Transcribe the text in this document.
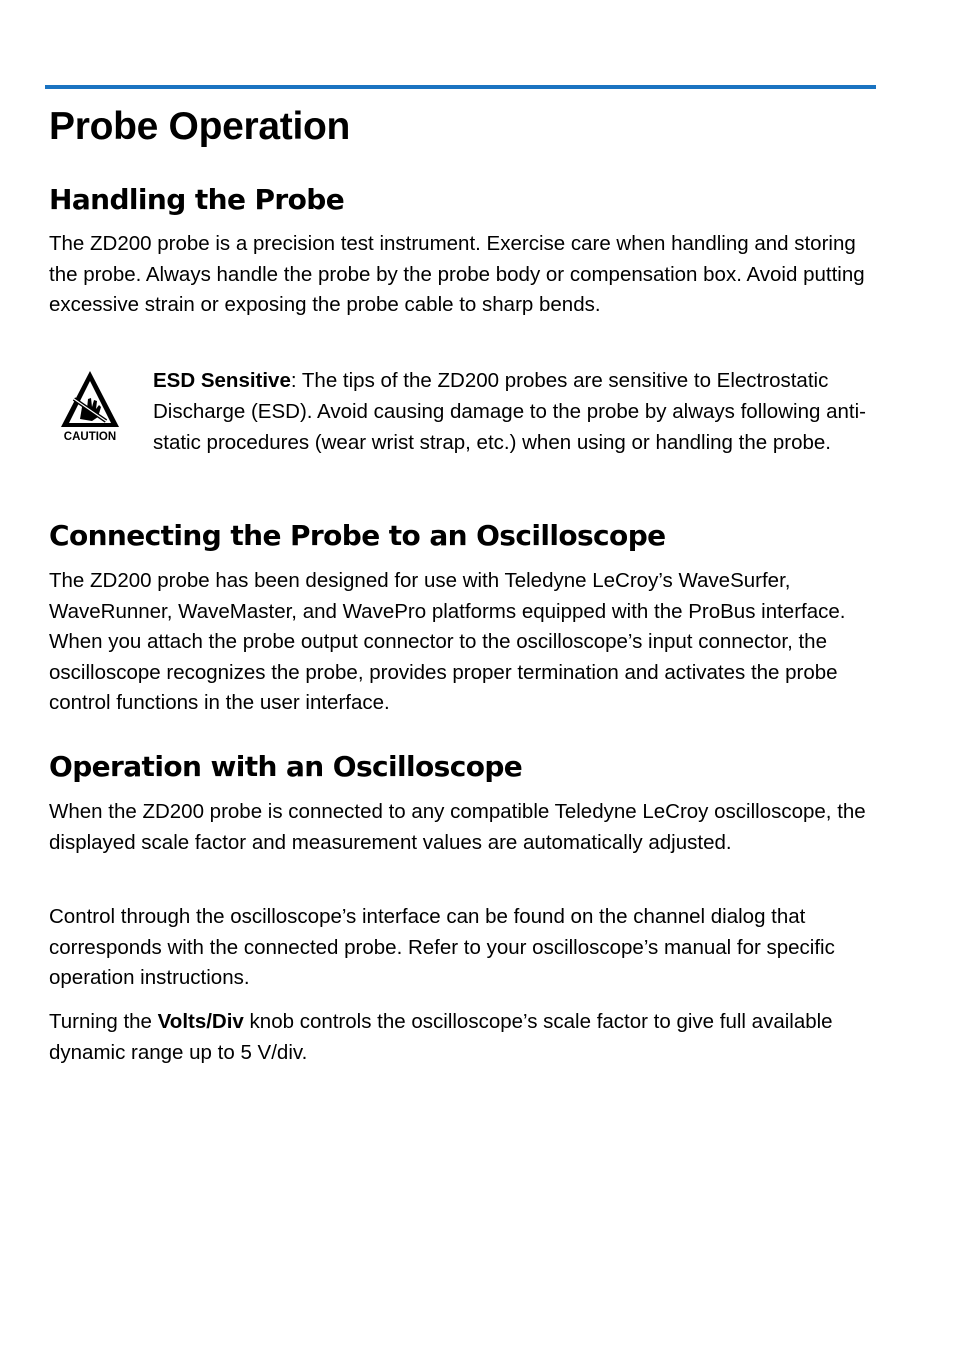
Probe Operation
Handling the Probe

The ZD200 probe is a precision test instrument. Exercise care when handling and storing the probe. Always handle the probe by the probe body or compensation box. Avoid putting excessive strain or exposing the probe cable to sharp bends.

CAUTION

ESD Sensitive: The tips of the ZD200 probes are sensitive to Electrostatic Discharge (ESD). Avoid causing damage to the probe by always following anti-static procedures (wear wrist strap, etc.) when using or handling the probe.

Connecting the Probe to an Oscilloscope

The ZD200 probe has been designed for use with Teledyne LeCroy’s WaveSurfer, WaveRunner, WaveMaster, and WavePro platforms equipped with the ProBus interface. When you attach the probe output connector to the oscilloscope’s input connector, the oscilloscope recognizes the probe, provides proper termination and activates the probe control functions in the user interface.

Operation with an Oscilloscope

When the ZD200 probe is connected to any compatible Teledyne LeCroy oscilloscope, the displayed scale factor and measurement values are automatically adjusted.

Control through the oscilloscope’s interface can be found on the channel dialog that corresponds with the connected probe. Refer to your oscilloscope’s manual for specific operation instructions.

Turning the Volts/Div knob controls the oscilloscope’s scale factor to give full available dynamic range up to 5 V/div.
